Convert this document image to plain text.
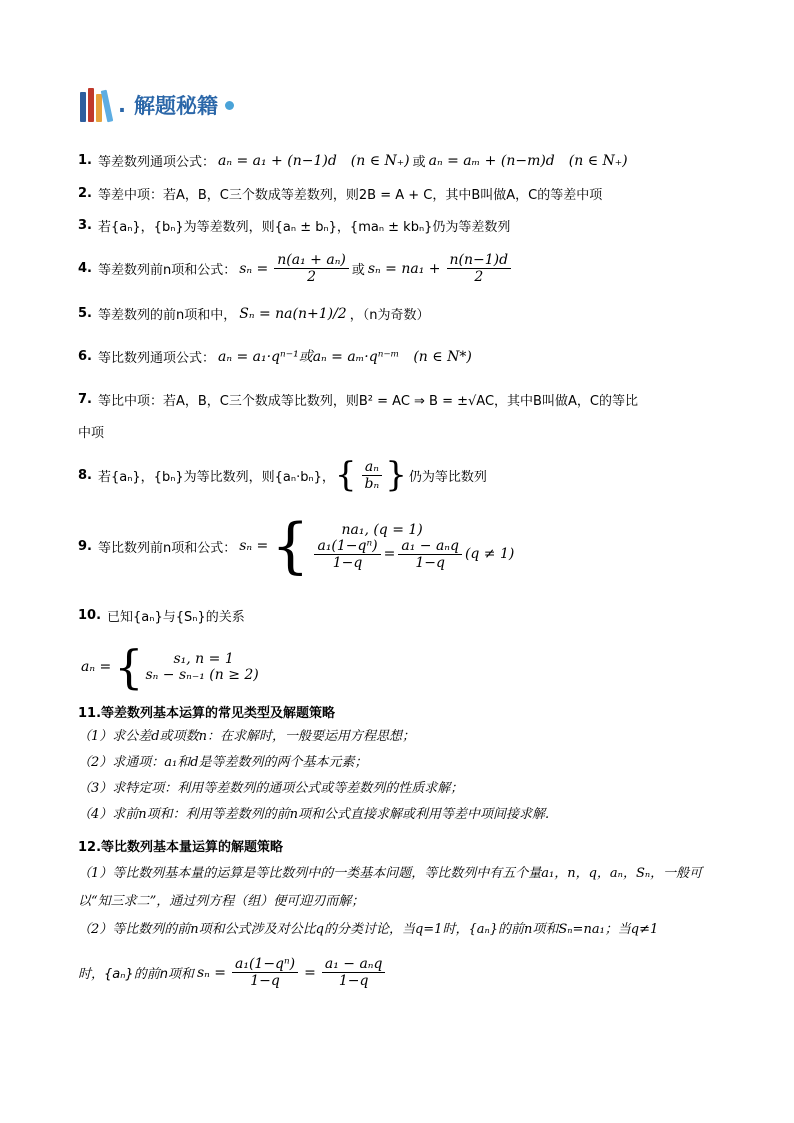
. 解题秘籍
1. 等差数列通项公式： aₙ = a₁ + (n−1)d　(n ∈ N₊) 或 aₙ = aₘ + (n−m)d　(n ∈ N₊)
2. 等差中项：若A，B，C三个数成等差数列，则2B = A + C，其中B叫做A，C的等差中项
3. 若{aₙ}，{bₙ}为等差数列，则{aₙ ± bₙ}，{maₙ ± kbₙ}仍为等差数列
4. 等差数列前n项和公式： $s_n = \frac{\text{n(a₁ + aₙ)}}{2}$ 或 $s_n = na_1 + \frac{n(n-1)d}{2}$
5. 等差数列的前n项和中， Sₙ = na(n+1)/2 ，（n为奇数）
6. 等比数列通项公式： aₙ = a₁·qⁿ⁻¹或aₙ = aₘ·qⁿ⁻ᵐ　(n ∈ N*)
7. 等比中项：若A，B，C三个数成等比数列，则B² = AC ⇒ B = ±√AC，其中B叫做A，C的等比
中项
8. 若{aₙ}，{bₙ}为等比数列，则{aₙ·bₙ}， { $\frac{\text{aₙ}}{\text{bₙ}}$ } 仍为等比数列
9. 等比数列前n项和公式： sₙ = { na₁, (q = 1)
$\frac{\text{a₁(1−qⁿ)}}{1-q} = \frac{\text{a₁ − aₙq}}{1-q} (q \ne 1)$
10. 已知{aₙ}与{Sₙ}的关系
aₙ = { s₁, n = 1
sₙ − sₙ₋₁ (n ≥ 2)
11.等差数列基本运算的常见类型及解题策略
（1）求公差d或项数n：在求解时，一般要运用方程思想；
（2）求通项：a₁和d是等差数列的两个基本元素；
（3）求特定项：利用等差数列的通项公式或等差数列的性质求解；
（4）求前n项和：利用等差数列的前n项和公式直接求解或利用等差中项间接求解.
12.等比数列基本量运算的解题策略
（1）等比数列基本量的运算是等比数列中的一类基本问题，等比数列中有五个量a₁，n，q，aₙ，Sₙ，一般可以“知三求二”，通过列方程（组）便可迎刃而解；
（2）等比数列的前n项和公式涉及对公比q的分类讨论，当q=1时，{aₙ}的前n项和Sₙ=na₁；当q≠1
时，{aₙ}的前n项和 $s_n = \frac{\text{a₁(1−qⁿ)}}{1-q} = \frac{\text{a₁ − aₙq}}{1-q}$
